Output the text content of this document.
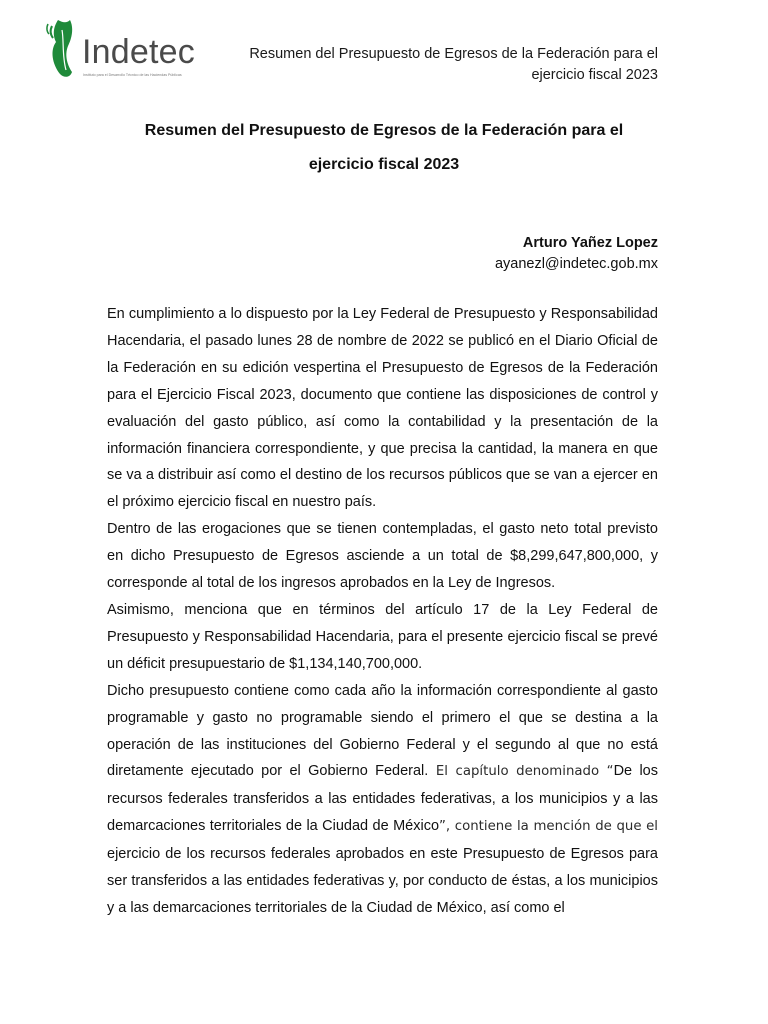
Indetec
Instituto para el Desarrollo Técnico de las Haciendas Públicas
Resumen del Presupuesto de Egresos de la Federación para el
ejercicio fiscal 2023
Resumen del Presupuesto de Egresos de la Federación para el
ejercicio fiscal 2023
Arturo Yañez Lopez
ayanezl@indetec.gob.mx

En cumplimiento a lo dispuesto por la Ley Federal de Presupuesto y Responsabilidad Hacendaria, el pasado lunes 28 de nombre de 2022 se publicó en el Diario Oficial de la Federación en su edición vespertina el Presupuesto de Egresos de la Federación para el Ejercicio Fiscal 2023, documento que contiene las disposiciones de control y evaluación del gasto público, así como la contabilidad y la presentación de la información financiera correspondiente, y que precisa la cantidad, la manera en que se va a distribuir así como el destino de los recursos públicos que se van a ejercer en el próximo ejercicio fiscal en nuestro país.

Dentro de las erogaciones que se tienen contempladas, el gasto neto total previsto en dicho Presupuesto de Egresos asciende a un total de $8,299,647,800,000, y corresponde al total de los ingresos aprobados en la Ley de Ingresos.

Asimismo, menciona que en términos del artículo 17 de la Ley Federal de Presupuesto y Responsabilidad Hacendaria, para el presente ejercicio fiscal se prevé un déficit presupuestario de $1,134,140,700,000.

Dicho presupuesto contiene como cada año la información correspondiente al gasto programable y gasto no programable siendo el primero el que se destina a la operación de las instituciones del Gobierno Federal y el segundo al que no está diretamente ejecutado por el Gobierno Federal. El capítulo denominado “De los recursos federales transferidos a las entidades federativas, a los municipios y a las demarcaciones territoriales de la Ciudad de México”, contiene la mención de que el ejercicio de los recursos federales aprobados en este Presupuesto de Egresos para ser transferidos a las entidades federativas y, por conducto de éstas, a los municipios y a las demarcaciones territoriales de la Ciudad de México, así como el
